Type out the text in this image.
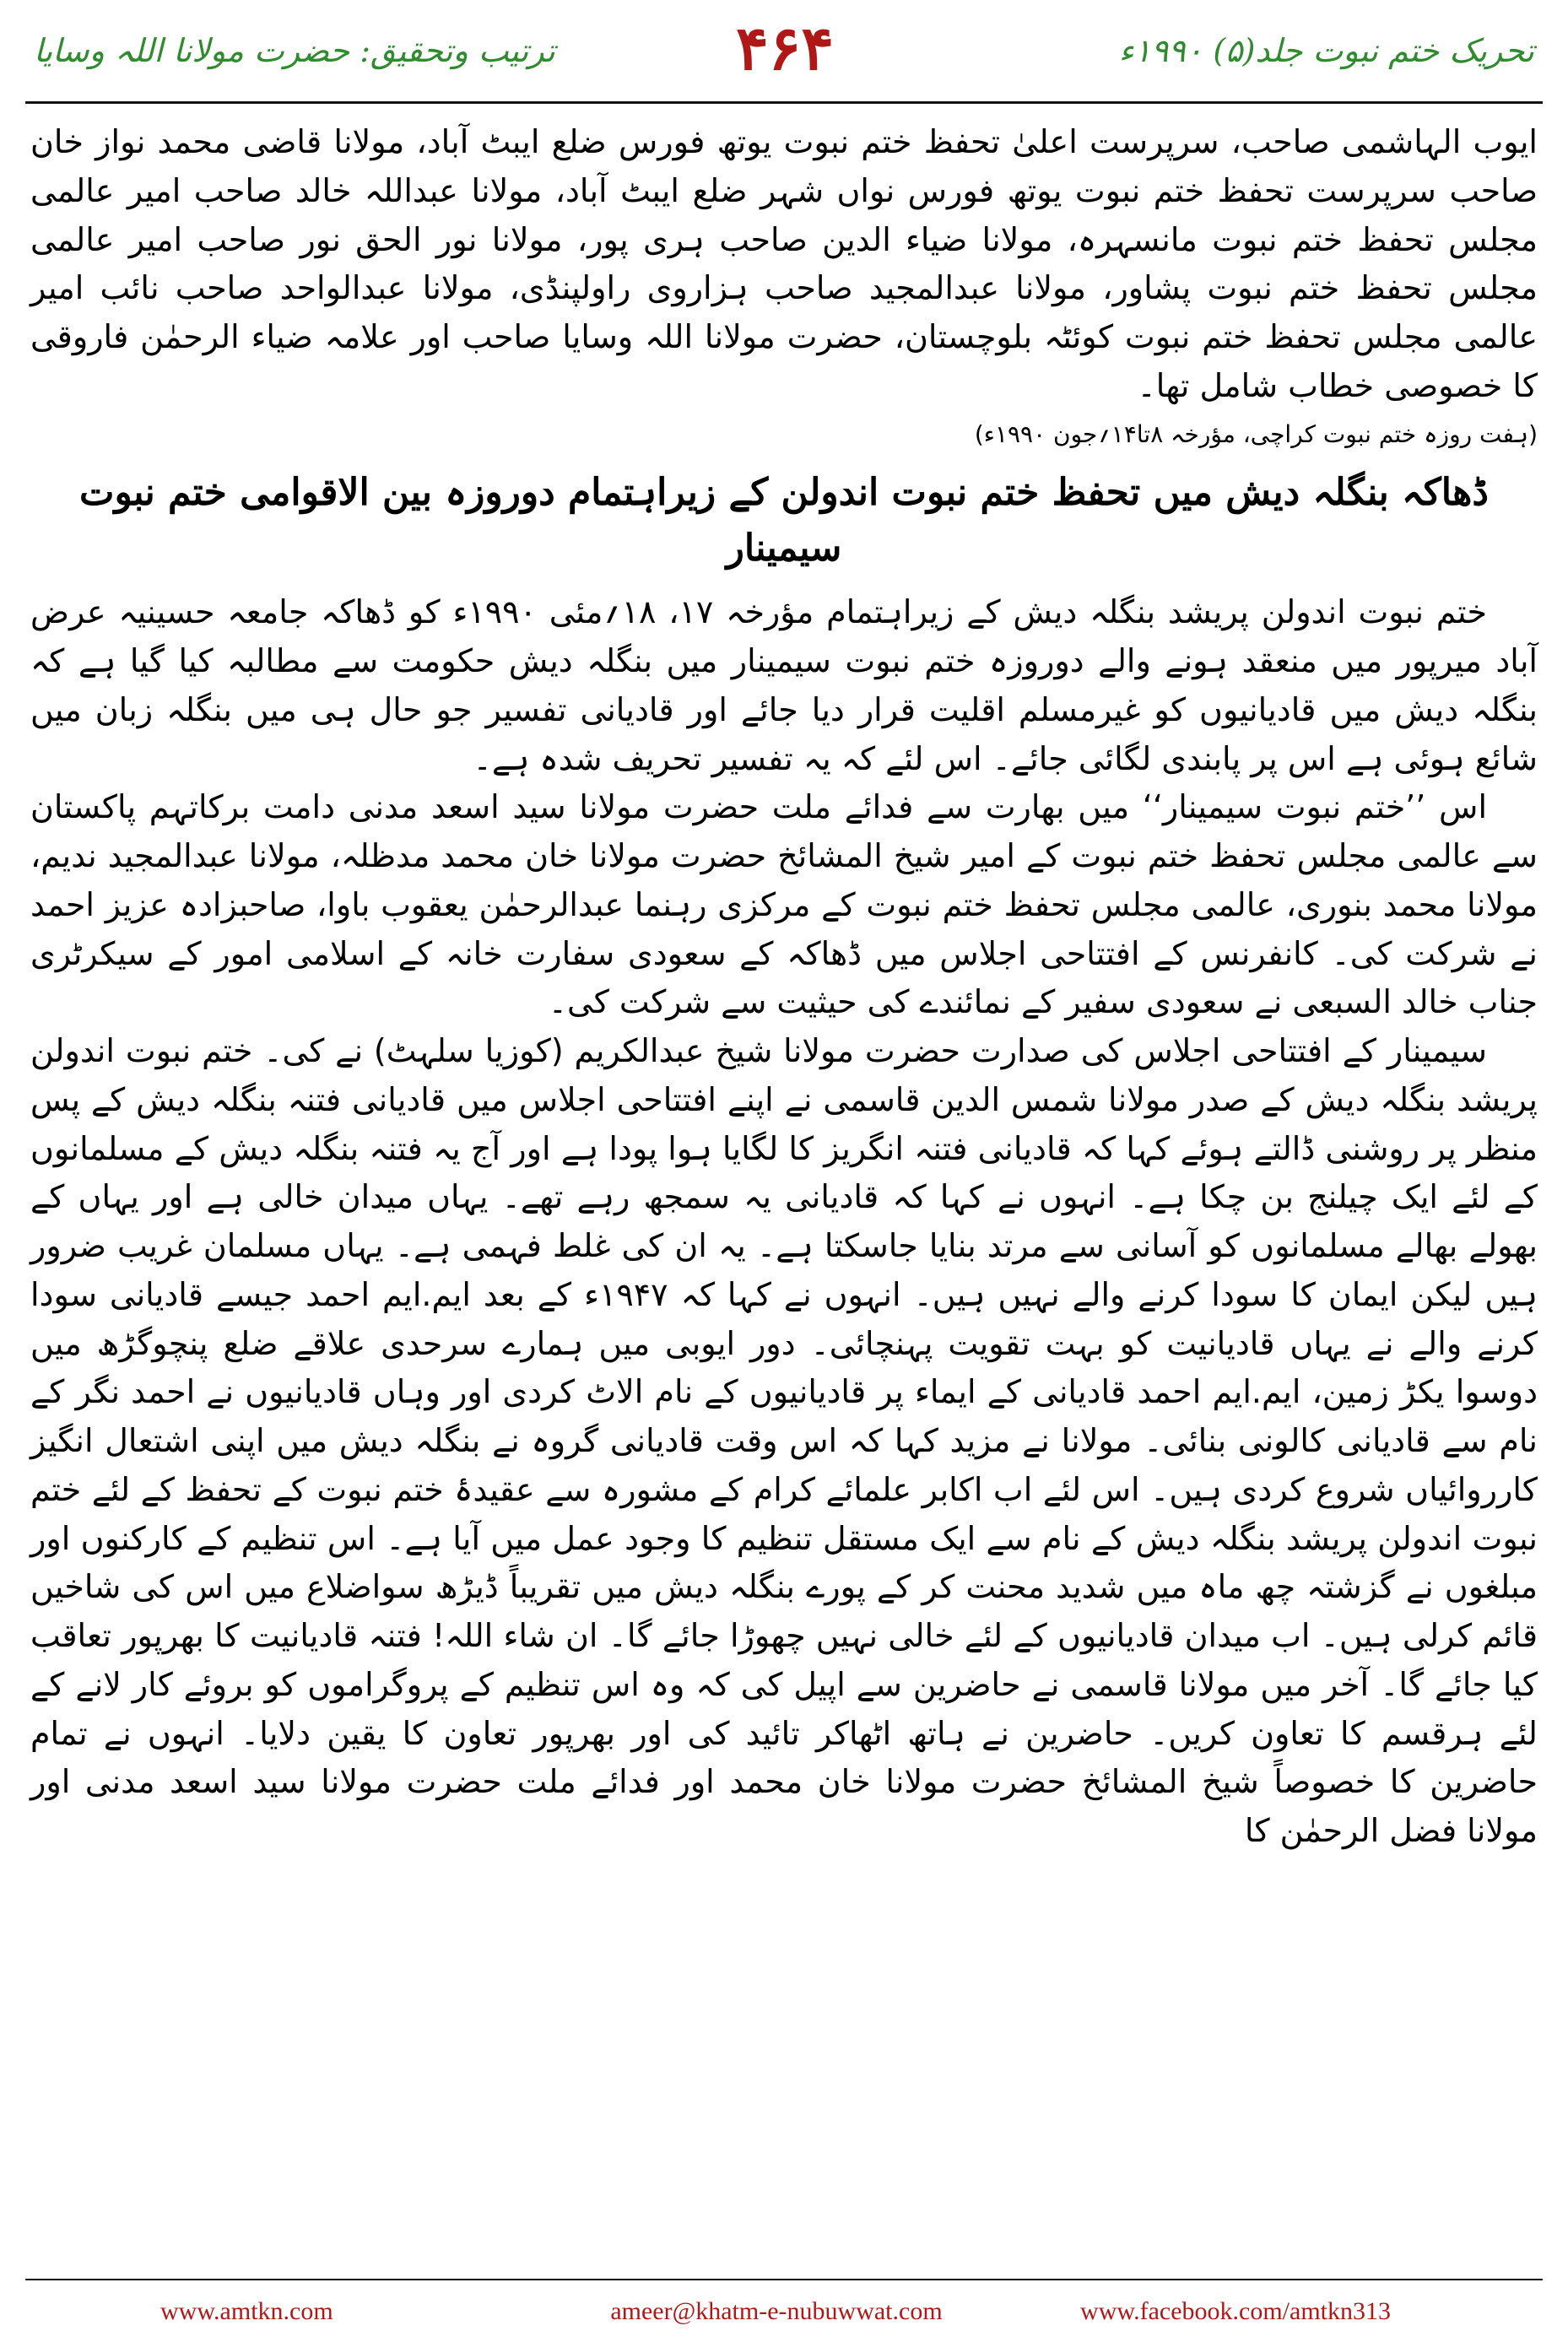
ترتیب وتحقیق: حضرت مولانا اللہ وسایا	۴۶۴	تحریک ختم نبوت جلد(۵) ۱۹۹۰ء

ایوب الہاشمی صاحب، سرپرست اعلیٰ تحفظ ختم نبوت یوتھ فورس ضلع ایبٹ آباد، مولانا قاضی محمد نواز خان صاحب سرپرست تحفظ ختم نبوت یوتھ فورس نواں شہر ضلع ایبٹ آباد، مولانا عبداللہ خالد صاحب امیر عالمی مجلس تحفظ ختم نبوت مانسہرہ، مولانا ضیاء الدین صاحب ہری پور، مولانا نور الحق نور صاحب امیر عالمی مجلس تحفظ ختم نبوت پشاور، مولانا عبدالمجید صاحب ہزاروی راولپنڈی، مولانا عبدالواحد صاحب نائب امیر عالمی مجلس تحفظ ختم نبوت کوئٹہ بلوچستان، حضرت مولانا اللہ وسایا صاحب اور علامہ ضیاء الرحمٰن فاروقی کا خصوصی خطاب شامل تھا۔

(ہفت روزہ ختم نبوت کراچی، مؤرخہ ۸تا۱۴؍جون ۱۹۹۰ء)
ڈھاکہ بنگلہ دیش میں تحفظ ختم نبوت اندولن کے زیراہتمام دوروزہ بین الاقوامی ختم نبوت سیمینار

ختم نبوت اندولن پریشد بنگلہ دیش کے زیراہتمام مؤرخہ ۱۷، ۱۸؍مئی ۱۹۹۰ء کو ڈھاکہ جامعہ حسینیہ عرض آباد میرپور میں منعقد ہونے والے دوروزہ ختم نبوت سیمینار میں بنگلہ دیش حکومت سے مطالبہ کیا گیا ہے کہ بنگلہ دیش میں قادیانیوں کو غیرمسلم اقلیت قرار دیا جائے اور قادیانی تفسیر جو حال ہی میں بنگلہ زبان میں شائع ہوئی ہے اس پر پابندی لگائی جائے۔ اس لئے کہ یہ تفسیر تحریف شدہ ہے۔

اس ’’ختم نبوت سیمینار‘‘ میں بھارت سے فدائے ملت حضرت مولانا سید اسعد مدنی دامت برکاتہم پاکستان سے عالمی مجلس تحفظ ختم نبوت کے امیر شیخ المشائخ حضرت مولانا خان محمد مدظلہ، مولانا عبدالمجید ندیم، مولانا محمد بنوری، عالمی مجلس تحفظ ختم نبوت کے مرکزی رہنما عبدالرحمٰن یعقوب باوا، صاحبزادہ عزیز احمد نے شرکت کی۔ کانفرنس کے افتتاحی اجلاس میں ڈھاکہ کے سعودی سفارت خانہ کے اسلامی امور کے سیکرٹری جناب خالد السبعی نے سعودی سفیر کے نمائندے کی حیثیت سے شرکت کی۔

سیمینار کے افتتاحی اجلاس کی صدارت حضرت مولانا شیخ عبدالکریم (کوزیا سلہٹ) نے کی۔ ختم نبوت اندولن پریشد بنگلہ دیش کے صدر مولانا شمس الدین قاسمی نے اپنے افتتاحی اجلاس میں قادیانی فتنہ بنگلہ دیش کے پس منظر پر روشنی ڈالتے ہوئے کہا کہ قادیانی فتنہ انگریز کا لگایا ہوا پودا ہے اور آج یہ فتنہ بنگلہ دیش کے مسلمانوں کے لئے ایک چیلنج بن چکا ہے۔ انہوں نے کہا کہ قادیانی یہ سمجھ رہے تھے۔ یہاں میدان خالی ہے اور یہاں کے بھولے بھالے مسلمانوں کو آسانی سے مرتد بنایا جاسکتا ہے۔ یہ ان کی غلط فہمی ہے۔ یہاں مسلمان غریب ضرور ہیں لیکن ایمان کا سودا کرنے والے نہیں ہیں۔ انہوں نے کہا کہ ۱۹۴۷ء کے بعد ایم.ایم احمد جیسے قادیانی سودا کرنے والے نے یہاں قادیانیت کو بہت تقویت پہنچائی۔ دور ایوبی میں ہمارے سرحدی علاقے ضلع پنچوگڑھ میں دوسوا یکڑ زمین، ایم.ایم احمد قادیانی کے ایماء پر قادیانیوں کے نام الاٹ کردی اور وہاں قادیانیوں نے احمد نگر کے نام سے قادیانی کالونی بنائی۔ مولانا نے مزید کہا کہ اس وقت قادیانی گروہ نے بنگلہ دیش میں اپنی اشتعال انگیز کارروائیاں شروع کردی ہیں۔ اس لئے اب اکابر علمائے کرام کے مشورہ سے عقیدۂ ختم نبوت کے تحفظ کے لئے ختم نبوت اندولن پریشد بنگلہ دیش کے نام سے ایک مستقل تنظیم کا وجود عمل میں آیا ہے۔ اس تنظیم کے کارکنوں اور مبلغوں نے گزشتہ چھ ماہ میں شدید محنت کر کے پورے بنگلہ دیش میں تقریباً ڈیڑھ سواضلاع میں اس کی شاخیں قائم کرلی ہیں۔ اب میدان قادیانیوں کے لئے خالی نہیں چھوڑا جائے گا۔ ان شاء اللہ! فتنہ قادیانیت کا بھرپور تعاقب کیا جائے گا۔ آخر میں مولانا قاسمی نے حاضرین سے اپیل کی کہ وہ اس تنظیم کے پروگراموں کو بروئے کار لانے کے لئے ہرقسم کا تعاون کریں۔ حاضرین نے ہاتھ اٹھاکر تائید کی اور بھرپور تعاون کا یقین دلایا۔ انہوں نے تمام حاضرین کا خصوصاً شیخ المشائخ حضرت مولانا خان محمد اور فدائے ملت حضرت مولانا سید اسعد مدنی اور مولانا فضل الرحمٰن کا

www.amtkn.com	ameer@khatm-e-nubuwwat.com	www.facebook.com/amtkn313
